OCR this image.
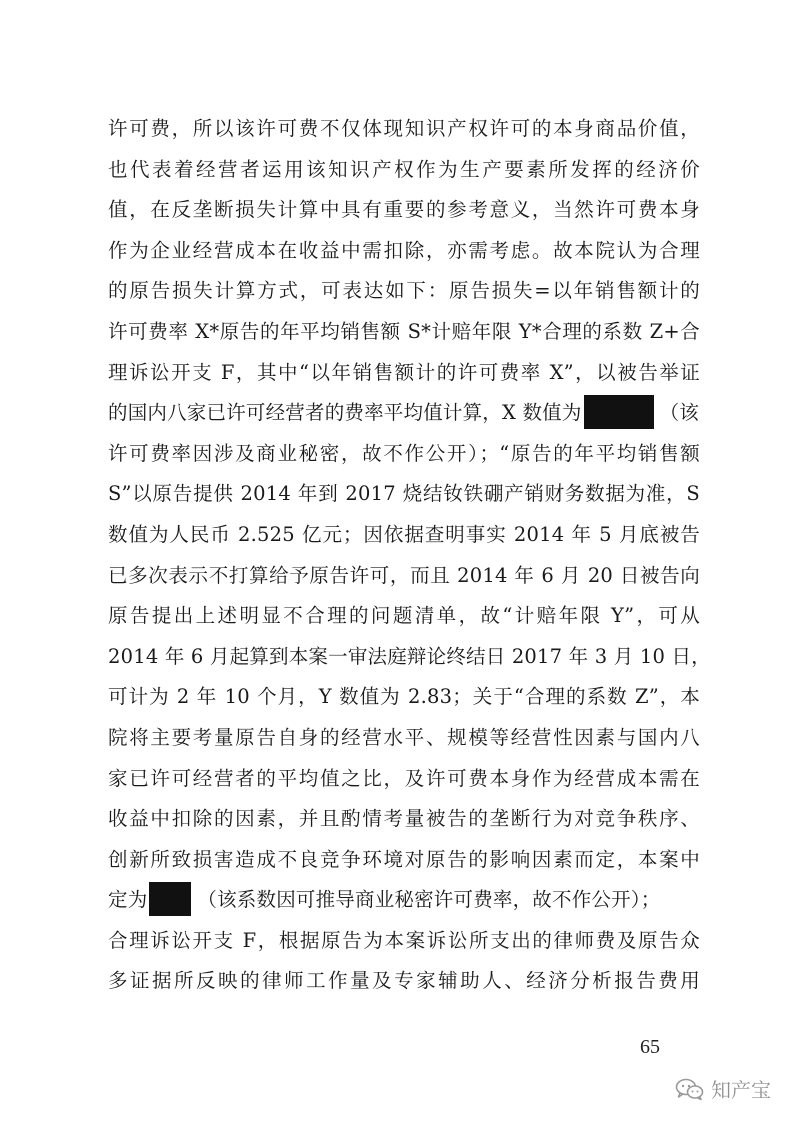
许可费，所以该许可费不仅体现知识产权许可的本身商品价值，
也代表着经营者运用该知识产权作为生产要素所发挥的经济价
值，在反垄断损失计算中具有重要的参考意义，当然许可费本身
作为企业经营成本在收益中需扣除，亦需考虑。故本院认为合理
的原告损失计算方式，可表达如下：原告损失=以年销售额计的
许可费率 X*原告的年平均销售额 S*计赔年限 Y*合理的系数 Z+合
理诉讼开支 F，其中“以年销售额计的许可费率 X”，以被告举证
的国内八家已许可经营者的费率平均值计算，X 数值为	（该
许可费率因涉及商业秘密，故不作公开）；“原告的年平均销售额
S”以原告提供 2014 年到 2017 烧结钕铁硼产销财务数据为准，S
数值为人民币 2.525 亿元；因依据查明事实 2014 年 5 月底被告
已多次表示不打算给予原告许可，而且 2014 年 6 月 20 日被告向
原告提出上述明显不合理的问题清单，故“计赔年限 Y”，可从
2014 年 6 月起算到本案一审法庭辩论终结日 2017 年 3 月 10 日，
可计为 2 年 10 个月，Y 数值为 2.83；关于“合理的系数 Z”，本
院将主要考量原告自身的经营水平、规模等经营性因素与国内八
家已许可经营者的平均值之比，及许可费本身作为经营成本需在
收益中扣除的因素，并且酌情考量被告的垄断行为对竞争秩序、
创新所致损害造成不良竞争环境对原告的影响因素而定，本案中
定为	（该系数因可推导商业秘密许可费率，故不作公开）；
合理诉讼开支 F，根据原告为本案诉讼所支出的律师费及原告众
多证据所反映的律师工作量及专家辅助人、经济分析报告费用
65
知产宝
